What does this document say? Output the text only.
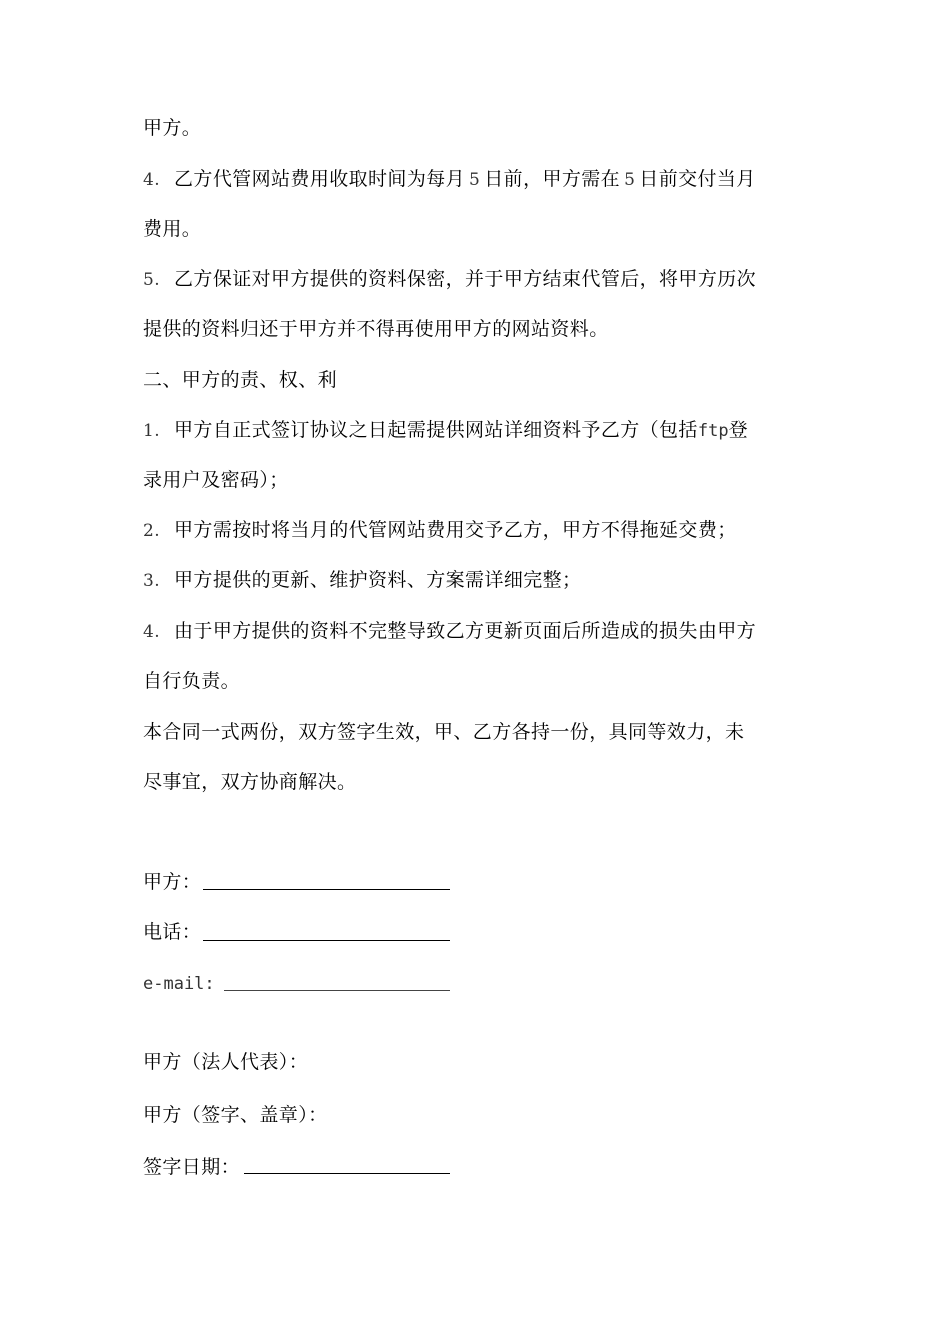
甲方。
4. 乙方代管网站费用收取时间为每月 5 日前，甲方需在 5 日前交付当月
费用。
5. 乙方保证对甲方提供的资料保密，并于甲方结束代管后，将甲方历次
提供的资料归还于甲方并不得再使用甲方的网站资料。
二、甲方的责、权、利
1. 甲方自正式签订协议之日起需提供网站详细资料予乙方（包括ftp登
录用户及密码）；
2. 甲方需按时将当月的代管网站费用交予乙方，甲方不得拖延交费；
3. 甲方提供的更新、维护资料、方案需详细完整；
4. 由于甲方提供的资料不完整导致乙方更新页面后所造成的损失由甲方
自行负责。
本合同一式两份，双方签字生效，甲、乙方各持一份，具同等效力，未
尽事宜，双方协商解决。
甲方：
电话：
e-mail:
甲方（法人代表）：
甲方（签字、盖章）：
签字日期：
